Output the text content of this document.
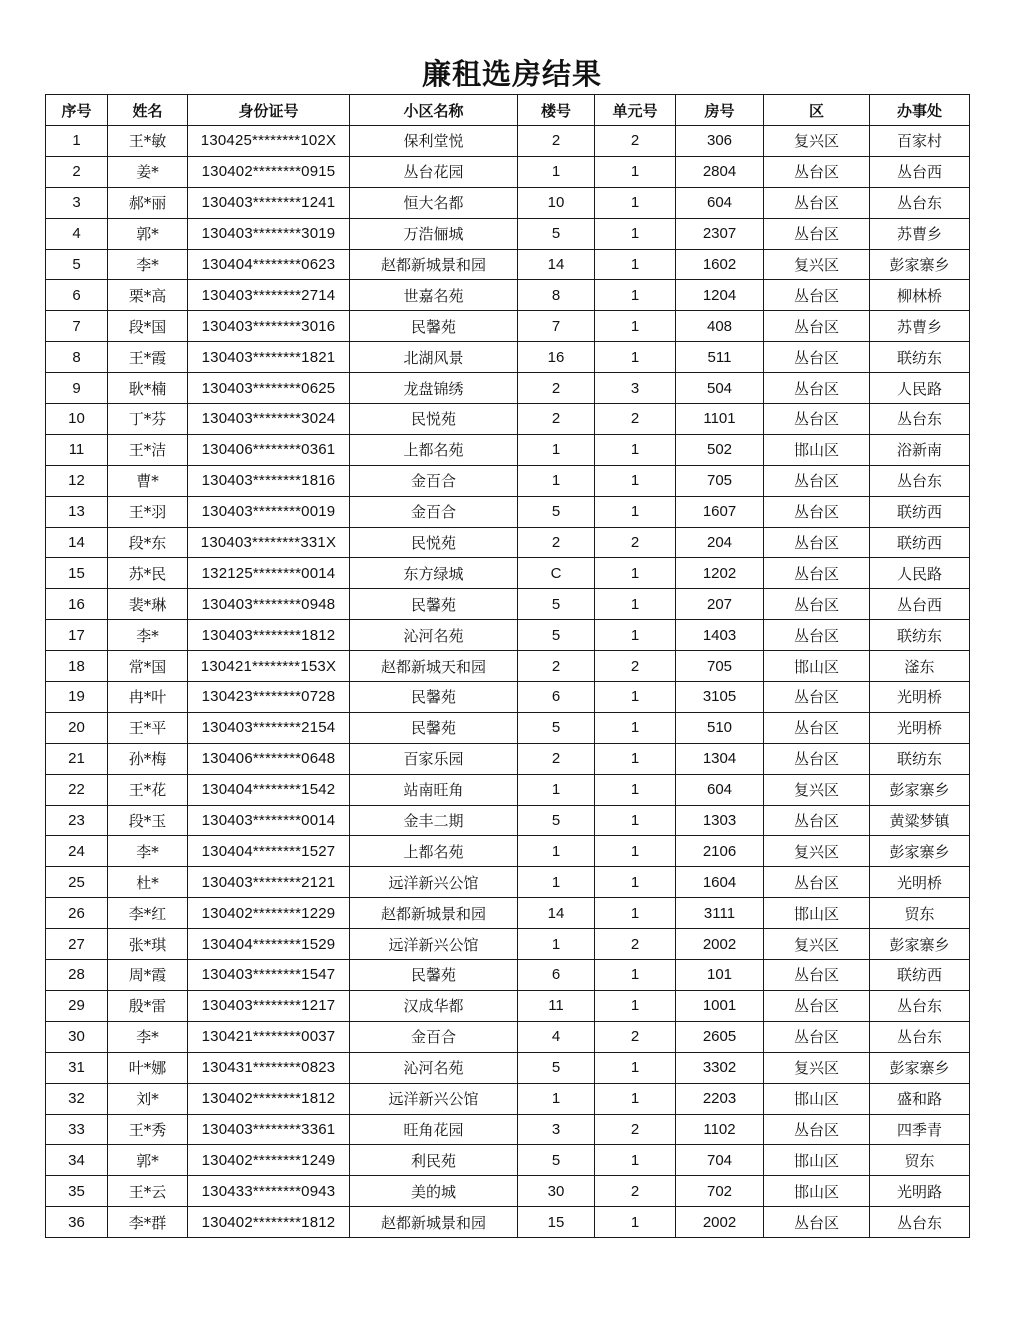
廉租选房结果
序号	姓名	身份证号	小区名称	楼号	单元号	房号	区	办事处
1	王*敏	130425********102X	保利堂悦	2	2	306	复兴区	百家村
2	姜*	130402********0915	丛台花园	1	1	2804	丛台区	丛台西
3	郝*丽	130403********1241	恒大名都	10	1	604	丛台区	丛台东
4	郭*	130403********3019	万浩俪城	5	1	2307	丛台区	苏曹乡
5	李*	130404********0623	赵都新城景和园	14	1	1602	复兴区	彭家寨乡
6	栗*高	130403********2714	世嘉名苑	8	1	1204	丛台区	柳林桥
7	段*国	130403********3016	民馨苑	7	1	408	丛台区	苏曹乡
8	王*霞	130403********1821	北湖风景	16	1	511	丛台区	联纺东
9	耿*楠	130403********0625	龙盘锦绣	2	3	504	丛台区	人民路
10	丁*芬	130403********3024	民悦苑	2	2	1101	丛台区	丛台东
11	王*洁	130406********0361	上都名苑	1	1	502	邯山区	浴新南
12	曹*	130403********1816	金百合	1	1	705	丛台区	丛台东
13	王*羽	130403********0019	金百合	5	1	1607	丛台区	联纺西
14	段*东	130403********331X	民悦苑	2	2	204	丛台区	联纺西
15	苏*民	132125********0014	东方绿城	C	1	1202	丛台区	人民路
16	裴*琳	130403********0948	民馨苑	5	1	207	丛台区	丛台西
17	李*	130403********1812	沁河名苑	5	1	1403	丛台区	联纺东
18	常*国	130421********153X	赵都新城天和园	2	2	705	邯山区	滏东
19	冉*叶	130423********0728	民馨苑	6	1	3105	丛台区	光明桥
20	王*平	130403********2154	民馨苑	5	1	510	丛台区	光明桥
21	孙*梅	130406********0648	百家乐园	2	1	1304	丛台区	联纺东
22	王*花	130404********1542	站南旺角	1	1	604	复兴区	彭家寨乡
23	段*玉	130403********0014	金丰二期	5	1	1303	丛台区	黄粱梦镇
24	李*	130404********1527	上都名苑	1	1	2106	复兴区	彭家寨乡
25	杜*	130403********2121	远洋新兴公馆	1	1	1604	丛台区	光明桥
26	李*红	130402********1229	赵都新城景和园	14	1	3111	邯山区	贸东
27	张*琪	130404********1529	远洋新兴公馆	1	2	2002	复兴区	彭家寨乡
28	周*霞	130403********1547	民馨苑	6	1	101	丛台区	联纺西
29	殷*雷	130403********1217	汉成华都	11	1	1001	丛台区	丛台东
30	李*	130421********0037	金百合	4	2	2605	丛台区	丛台东
31	叶*娜	130431********0823	沁河名苑	5	1	3302	复兴区	彭家寨乡
32	刘*	130402********1812	远洋新兴公馆	1	1	2203	邯山区	盛和路
33	王*秀	130403********3361	旺角花园	3	2	1102	丛台区	四季青
34	郭*	130402********1249	利民苑	5	1	704	邯山区	贸东
35	王*云	130433********0943	美的城	30	2	702	邯山区	光明路
36	李*群	130402********1812	赵都新城景和园	15	1	2002	丛台区	丛台东
